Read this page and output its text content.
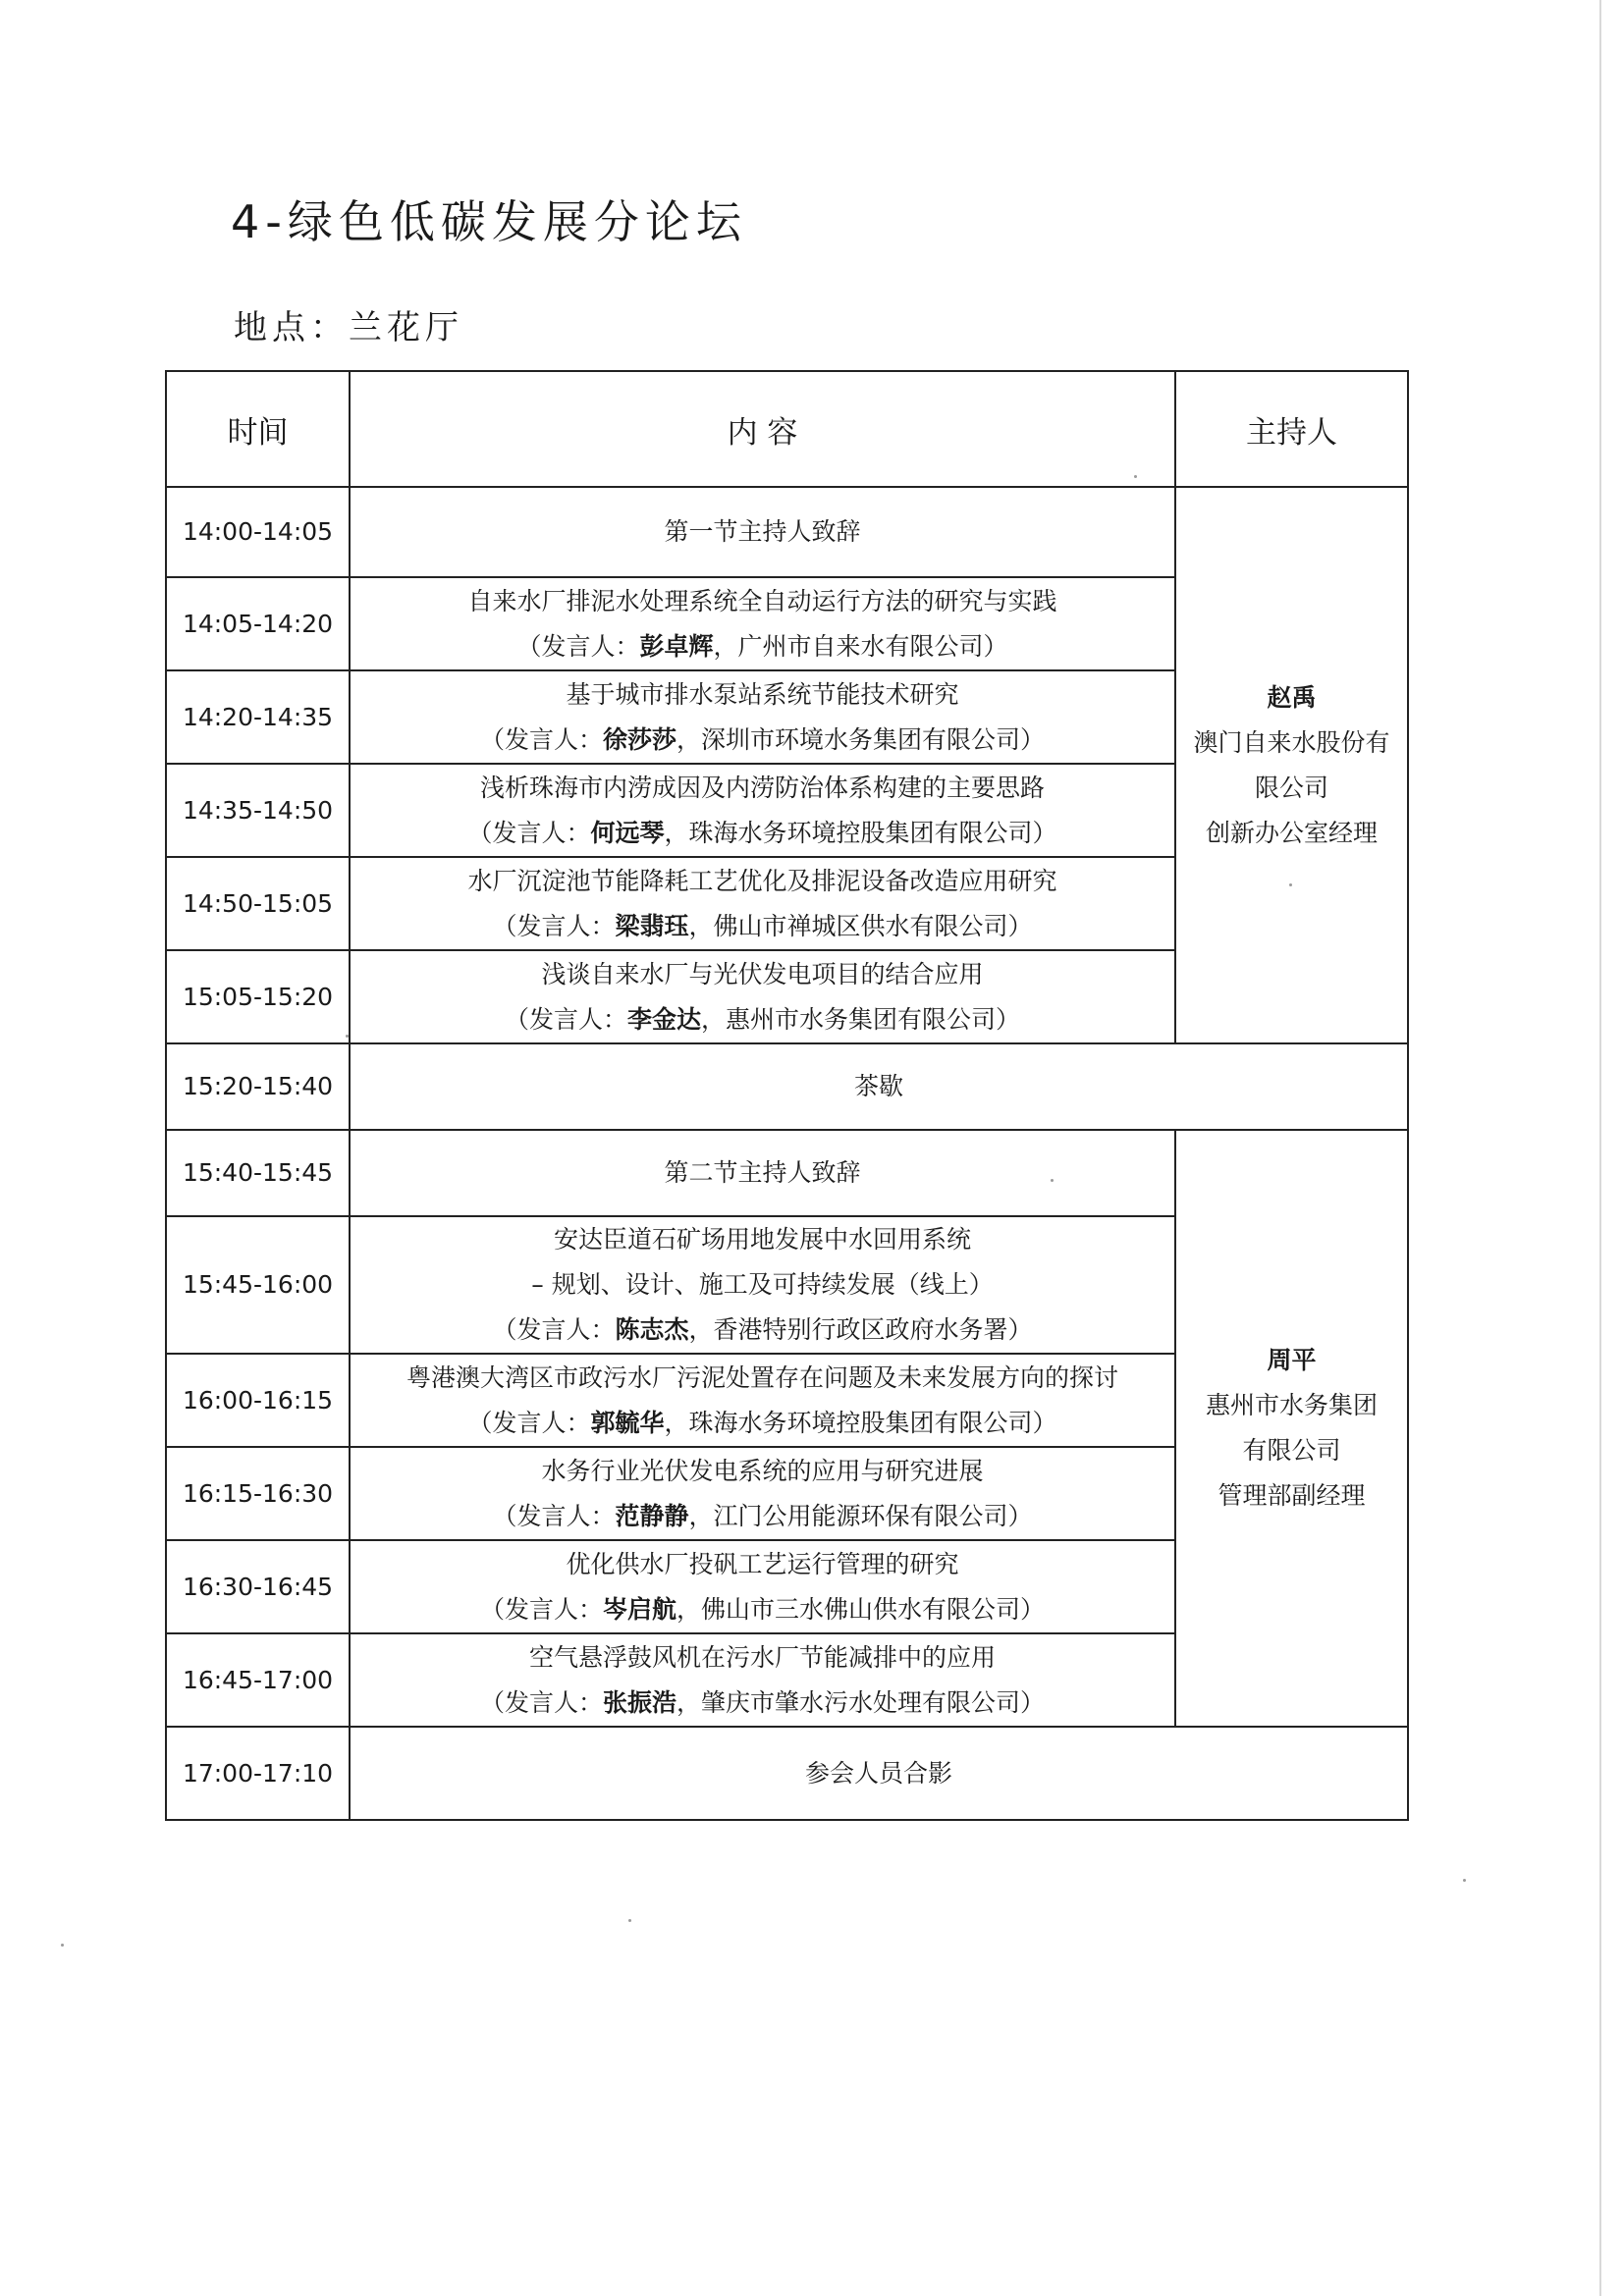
4-绿色低碳发展分论坛
地点：兰花厅
时间	内 容	主持人
14:00-14:05	第一节主持人致辞	赵禹
澳门自来水股份有
限公司
创新办公室经理

14:05-14:20	自来水厂排泥水处理系统全自动运行方法的研究与实践
（发言人：彭卓辉，广州市自来水有限公司）	

14:20-14:35	基于城市排水泵站系统节能技术研究
（发言人：徐莎莎，深圳市环境水务集团有限公司）	

14:35-14:50	浅析珠海市内涝成因及内涝防治体系构建的主要思路
（发言人：何远琴，珠海水务环境控股集团有限公司）	

14:50-15:05	水厂沉淀池节能降耗工艺优化及排泥设备改造应用研究
（发言人：梁翡珏，佛山市禅城区供水有限公司）	

15:05-15:20	浅谈自来水厂与光伏发电项目的结合应用
（发言人：李金达，惠州市水务集团有限公司）	

15:20-15:40	茶歇	

15:40-15:45	第二节主持人致辞	周平
惠州市水务集团
有限公司
管理部副经理

15:45-16:00	安达臣道石矿场用地发展中水回用系统
– 规划、设计、施工及可持续发展（线上）
（发言人：陈志杰，香港特别行政区政府水务署）	

16:00-16:15	粤港澳大湾区市政污水厂污泥处置存在问题及未来发展方向的探讨
（发言人：郭毓华，珠海水务环境控股集团有限公司）	

16:15-16:30	水务行业光伏发电系统的应用与研究进展
（发言人：范静静，江门公用能源环保有限公司）	

16:30-16:45	优化供水厂投矾工艺运行管理的研究
（发言人：岑启航，佛山市三水佛山供水有限公司）	

16:45-17:00	空气悬浮鼓风机在污水厂节能减排中的应用
（发言人：张振浩，肇庆市肇水污水处理有限公司）	

17:00-17:10	参会人员合影	
